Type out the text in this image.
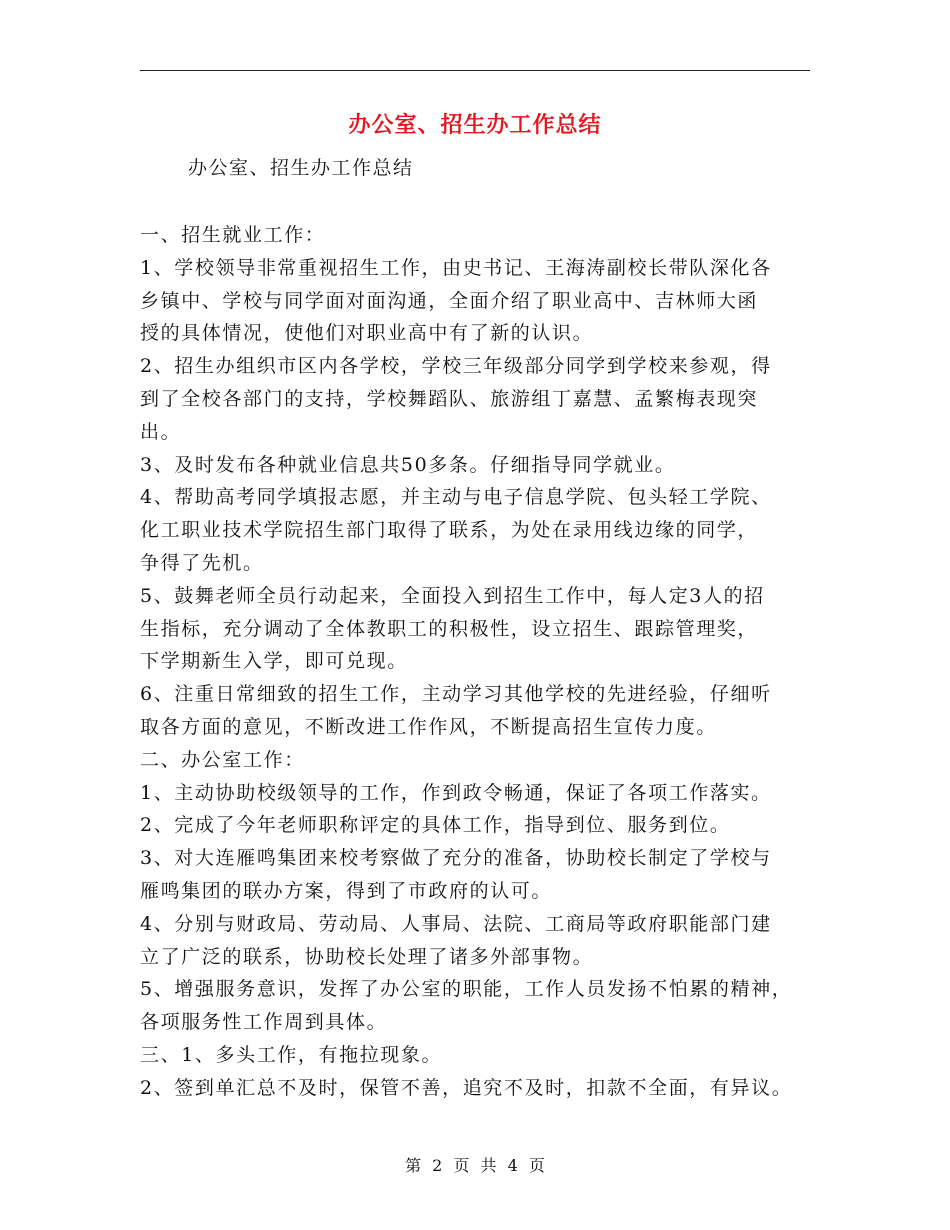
办公室、招生办工作总结
办公室、招生办工作总结
一、招生就业工作：
1、学校领导非常重视招生工作，由史书记、王海涛副校长带队深化各
乡镇中、学校与同学面对面沟通，全面介绍了职业高中、吉林师大函
授的具体情况，使他们对职业高中有了新的认识。
2、招生办组织市区内各学校，学校三年级部分同学到学校来参观，得
到了全校各部门的支持，学校舞蹈队、旅游组丁嘉慧、孟繁梅表现突
出。
3、及时发布各种就业信息共50多条。仔细指导同学就业。
4、帮助高考同学填报志愿，并主动与电子信息学院、包头轻工学院、
化工职业技术学院招生部门取得了联系，为处在录用线边缘的同学，
争得了先机。
5、鼓舞老师全员行动起来，全面投入到招生工作中，每人定3人的招
生指标，充分调动了全体教职工的积极性，设立招生、跟踪管理奖，
下学期新生入学，即可兑现。
6、注重日常细致的招生工作，主动学习其他学校的先进经验，仔细听
取各方面的意见，不断改进工作作风，不断提高招生宣传力度。
二、办公室工作：
1、主动协助校级领导的工作，作到政令畅通，保证了各项工作落实。
2、完成了今年老师职称评定的具体工作，指导到位、服务到位。
3、对大连雁鸣集团来校考察做了充分的准备，协助校长制定了学校与
雁鸣集团的联办方案，得到了市政府的认可。
4、分别与财政局、劳动局、人事局、法院、工商局等政府职能部门建
立了广泛的联系，协助校长处理了诸多外部事物。
5、增强服务意识，发挥了办公室的职能，工作人员发扬不怕累的精神，
各项服务性工作周到具体。
三、1、多头工作，有拖拉现象。
2、签到单汇总不及时，保管不善，追究不及时，扣款不全面，有异议。
第 2 页 共 4 页
